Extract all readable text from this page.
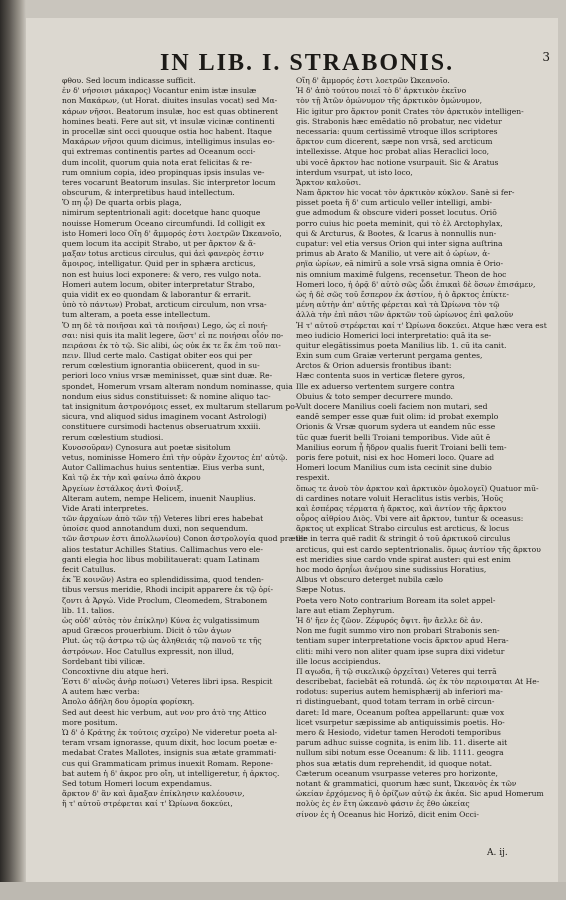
IN LIB. I. STRABONIS.	3
φθου. Sed locum indicasse sufficit.
ἐν δ' νήσοισι μάκαρος) Vocantur enim istæ insulæ
non Μακάρων, (ut Horat. diuites insulas vocat) sed Μα-
κάρων νῆσοι. Beatorum insulæ, hoc est quas obtinerent
homines beati. Fere aut sit, vt insulæ vicinæ continenti
in procellæ sint occi quouque ostia hoc habent. Itaque
Μακάρων νῆσοι quum dicimus, intelligimus insulas eo-
qui extremas continentis partes ad Oceanum occi-
dum incolit, quorum quia nota erat felicitas & re-
rum omnium copia, ideo propinquas ipsis insulas ve-
teres vocarunt Beatorum insulas. Sic interpretor locum
obscurum, & interpretibus haud intellectum.
Ὅ πη ᾧ) De quarta orbis plaga,
nimirum septentrionali agit: docetque hanc quoque
nouisse Homerum Oceano circumfundi. Id colligit ex
isto Homeri loco Οἴη δ' ἄμμορός ἐστι λοετρῶν Ὠκεανοῖο,
quem locum ita accipit Strabo, ut per ἄρκτον & ἄ-
μαξαν totus arcticus circulus, qui ἀεὶ φανερὸς ἐστιν
ἄμοιρος, intelligatur. Quid per in sphæra arcticus,
non est huius loci exponere: & vero, res vulgo nota.
Homeri autem locum, obiter interpretatur Strabo,
quia vidit ex eo quondam & laborantur & errarit.
ὑπὸ τὸ πάντων) Probat, arcticum circulum, non vrsa-
tum alteram, a poeta esse intellectum.
Ὅ πη δὲ τὰ ποιῆσαι καὶ τὰ ποιῆσαι) Lego, ὡς εἰ ποιή-
σαι: nisi quis ita malit legere, ὥστ' εἰ πε ποιήσαι οἷόν πο-
πειράσαι ἐκ τὸ τῷ. Sic alibi, ὡς οὐκ ἐκ τε ἔκ ἐπι τοῦ παι-
πειν. Illud certe malo. Castigat obiter eos qui per
rerum cœlestium ignorantia obiicerent, quod in su-
periori loco vnius vrsæ meminisset, quæ sint duæ. Re-
spondet, Homerum vrsam alteram nondum nominasse, quia
nondum eius sidus constituisset: & nomine aliquo tac-
tat insignitum ἀστρονόμοις esset, ex multarum stellarum po-
sicura, vnd aliquod sidus imaginem vocant Astrologi)
constituere cursimodi hactenus obseruatrum xxxiii.
rerum cœlestium studiosi.
Κυνοσοῦραν) Cynosura aut poetæ sisitolum
vetus, nominisse Homero ἐπὶ τὴν οὐρὰν ἔχοντος ἐπ' αὐτῷ.
Autor Callimachus huius sententiæ. Eius verba sunt,
Καὶ τῷ ἐκ τὴν καὶ φαίνω ἀπὸ ἀκρου
Ἀργείων ἐστάλκος ἀντὶ Φοίνιξ.
Alteram autem, nempe Helicem, inuenit Nauplius.
Vide Arati interpretes.
τῶν ἀρχαίων ἀπὸ τῶν τῇ) Veteres libri eres habebat
ὑποίσε quod annotandum duxi, non sequendum.
τῶν ἄστρων ἐστι ἀπολλωνίου) Conon ἀστρολογία quod præter
alios testatur Achilles Statius. Callimachus vero ele-
ganti elegia hoc libus mobilitauerat: quam Latinam
fecit Catullus.
ἐκ Ἔ κοινῶν) Astra eo splendidissima, quod tenden-
tibus versus meridie, Rhodi incipit apparere ἐκ τῷ ὁρί-
ζοντι ἀ Ἀργώ. Vide Proclum, Cleomedem, Strabonem
lib. 11. talios.
ὡς οὐδ' αὐτὸς τὸν ἐπίκλην) Κύνα ἐς vulgatissimum
apud Græcos prouerbium. Dicit ὁ τῶν ἀγων
Plut. ὡς τῷ ἀστρω τῷ ὡς ἀληθειάς τῷ πανοῦ τε τῆς
ἀστρόνων. Hoc Catullus expressit, non illud,
Sordebant tibi vilicæ.
Concoxtivne diu atque heri.
Ἐστι δ' αἰνῶς ἀνὴρ ποίωσι) Veteres libri ipsa. Respicit
A autem hæc verba:
Ἀπολο ἀδήλη δου ὁμορία φορίσκη.
Sed aut deest hic verbum, aut νον pro ἀτὸ της Attico
more positum.
Ὡ δ' ὁ Κράτης ἐκ τούτοις σχεῖρο) Ne videretur poeta al-
teram vrsam ignorasse, quum dixit, hoc locum poetæ e-
medabat Crates Mallotes, insignis sua ætate grammati-
cus qui Grammaticam primus inuexit Romam. Repone-
bat autem ἡ δ' ἀκροε pro οἴη, ut intelligeretur, ἡ ἀρκτος.
Sed totum Homeri locum expendamus.
ἄρκτον δ' ἂν καὶ ἄμαξαν ἐπίκλησιν καλέουσιν,
ἥ τ' αὐτοῦ στρέφεται καί τ' Ὠρίωνα δοκεύει,
Οἴη δ' ἄμμορός ἐστι λοετρῶν Ὠκεανοῖο.
Ἡ δ' ἀπὸ τούτου ποιεῖ τὸ δ' ἀρκτικὸν ἐκεῖνο
τὸν τῇ Ἀτῶν ὁμώνυμον τῆς ἀρκτικὸν ὁμώνυμον,
Hic igitur pro ἄρκτον ponit Crates τὸν ἀρκτικὸν intelligen-
gis. Strabonis hæc emēdatio nō probatur, nec videtur
necessaria: quum certissimē vtroque illos scriptores
ἄρκτον cum dicerent, sæpe non vrsā, sed arcticum
intellexisse. Atque hoc probat alias Heraclici loco,
ubi vocē ἄρκτον hac notione vsurpauit. Sic & Aratus
interdum vsurpat, ut isto loco,
Ἄρκτον καλοῦσι.
Nam ἄρκτον hic vocat τὸν ἀρκτικὸν κύκλον. Sanè si fer-
pisset poeta ἥ δ' cum articulo veller intelligi, ambi-
gue admodum & obscure videri posset locutus. Oriō
porro cuius hic poeta meminit, qui τὸ ἐλ Arctophylax,
qui & Arcturus, & Bootes, & Icarus à nonnullis nun-
cupatur: vel etia versus Orion qui inter signa auſtrina
primus ab Arato & Manilio, ut vere ait ὁ ὠρίων, ἀ-
ρηϊα ὠρίων, eā nimirū a sole vrsā signa omnia ē Orio-
nis omnium maximē fulgens, recensetur. Theon de hoc
Homeri loco, ἡ ὁρᾷ δ' αὐτὸ σῶς ὧδι ἐπικαὶ δὲ ὅσων ἐπισάμεν,
ὡς ἡ δὲ σῶς τοῦ ἔσπερον ἐκ ἀστίον, ἡ ὁ ἄρκτος ἐπίκτε-
μένη αὐτὴν ἀπ' αὐτῆς φέρεται καὶ τὰ Ὠρίωνα τὸν τῷ
ἀλλὰ τὴν ἐπὶ πᾶσι τῶν ἀρκτῶν τοῦ ὠρίωνος ἐπὶ φαλοῦν
Ἡ τ' αὐτοῦ στρέφεται καί τ' Ὠρίωνα δοκεύει. Atque hæc vera est
meo iudicio Homerici loci interpretatio: quā ita se-
quitur elegātissimus poeta Manilius lib. 1. cū ita canit.
Exin sum cum Graiæ verterunt pergama gentes,
Arctos & Orion aduersis frontibus ibant:
Hæc contenta suos in verticæ fletere gyros,
Ille ex aduerso vertentem surgere contra
Obuius & toto semper decurrere mundo.
Vult docere Manilius coeli faciem non mutari, sed
eandē semper esse quæ fuit olim: id probat exemplo
Orionis & Vrsæ quorum sydera ut eandem nūc esse
tūc quæ fuerit belli Troiani temporibus. Vide aūt ē
Manilius eorum ᾗ ἥδρον qualis fuerit Troiani belli tem-
poris fere potuit, nisi ex hoc Homeri loco. Quare ad
Homeri locum Manilius cum ista cecinit sine dubio
respexit.
ὅπως τε ἀνοὺ τὸν ἀρκτον καὶ ἀρκτικὸν ὁμολογεῖ) Quatuor mū-
di cardines notare voluit Heraclitus istis verbis, Ἠοῦς
καὶ ἑσπέρας τέρματα ἡ ἄρκτος, καὶ ἀντίον τῆς ἄρκτου
οὖρος αἰθρίου Διὸς. Vbi vere ait ἄρκτον, tuntur & oceasus:
ἄρκτος ut explicat Strabo circulus est arcticus, & locus
ille in terra quē radit & stringit ὁ τοῦ ἀρκτικοῦ circulus
arcticus, qui est cardo septentrionalis. ὅμως ἀντίον τῆς ἄρκτου
est meridies siue cardo vnde spirat auster: qui est enim
hoc modo ἀρηΐωι ἀνέμου sine sudissius Horatius,
Albus vt obscuro deterget nubila cælo
Sæpe Notus.
Poeta vero Noto contrarium Boream ita solet appel-
lare aut etiam Zephyrum.
Ἡ δ' ἤεν ἐς ζῶον. Ζέφυρός ὄψιτ. ἢν ἄελλε δὲ ἀν.
Non me fugit summo viro non probari Strabonis sen-
tentiam super interpretatione vocis ἄρκτον apud Hera-
cliti: mihi vero non aliter quam ipse supra dixi videtur
ille locus accipiendus.
Π αγωδα, ἢ τῷ σικελικῷ ὀρχεῖται) Veteres qui terrā
describebat, faciebāt eā rotundā. ὡς ἐκ τὸν περιοιμαται At He-
rodotus: superius autem hemisphærij ab inferiori ma-
ri distinguebant, quod totam terram in orbē circun-
daret: Id mare, Oceanum poſtea appellarunt: quæ vox
licet vsurpetur sæpissime ab antiquissimis poetis. Ho-
mero & Hesiodo, videtur tamen Herodoti temporibus
parum adhuc suisse cognita, is enim lib. 11. diserte ait
nullum sibi notum esse Oceanum: & lib. 1111. geogra
phos sua ætatis dum reprehendit, id quoque notat.
Cæterum oceanum vsurpasse veteres pro horizonte,
notant & grammatici, quorum hæc sunt, Ὠκεανὸς ἐκ τῶν
ὠκείαν ἐρχόμενος ἢ ὁ ὁρίζων αὐτῷ ἐκ ἀκέα. Sic apud Homerum
πολὺς ἐς ἐν ἔτη ὠκεανὸ φάσιν ἐς ἔθο ὠκείας
σίνον ἐς ἡ Oceanus hic Horizō, dicit enim Occi-
A. ij.
